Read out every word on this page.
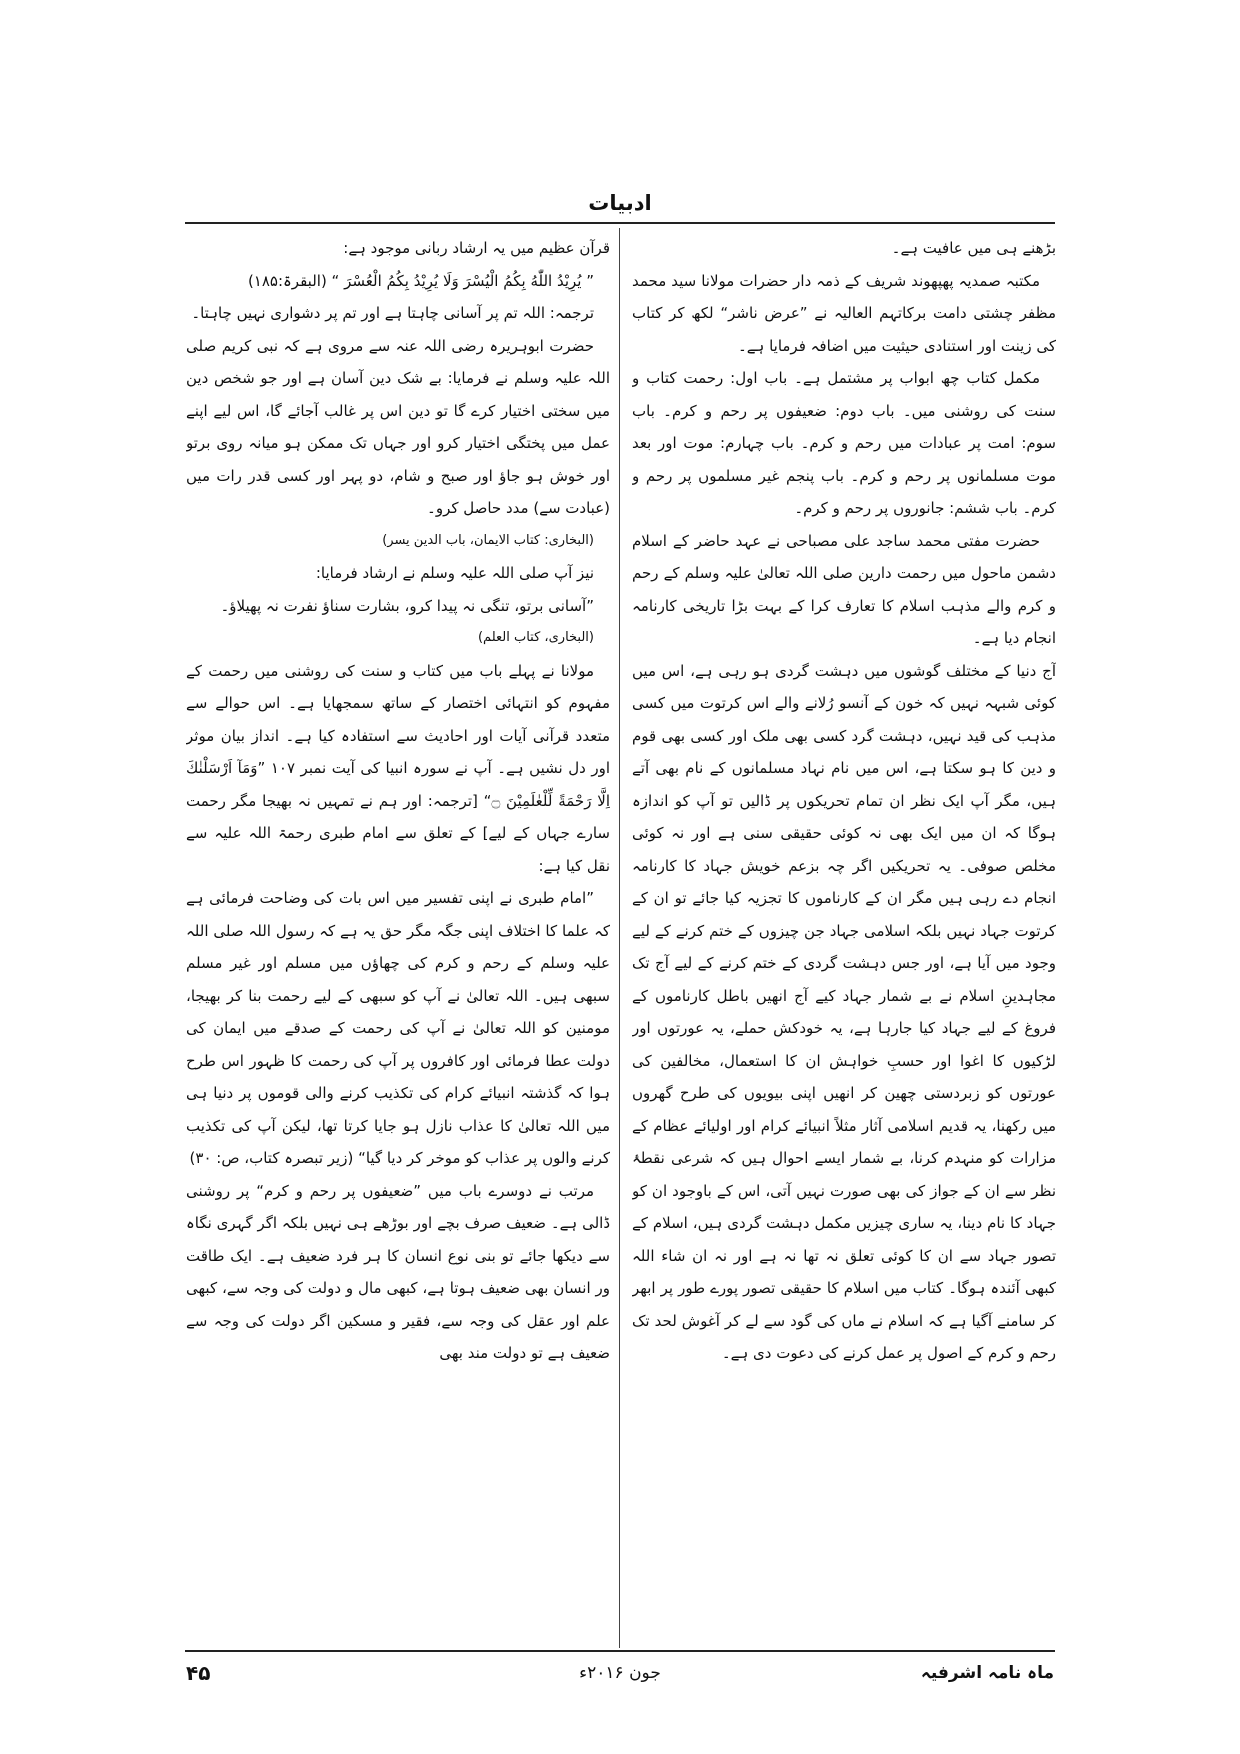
ادبیات

بڑھنے ہی میں عافیت ہے۔

مکتبہ صمدیہ پھپھوند شریف کے ذمہ دار حضرات مولانا سید محمد مظفر چشتی دامت برکاتہم العالیہ نے ”عرض ناشر“ لکھ کر کتاب کی زینت اور استنادی حیثیت میں اضافہ فرمایا ہے۔

مکمل کتاب چھ ابواب پر مشتمل ہے۔ باب اول: رحمت کتاب و سنت کی روشنی میں۔ باب دوم: ضعیفوں پر رحم و کرم۔ باب سوم: امت پر عبادات میں رحم و کرم۔ باب چہارم: موت اور بعد موت مسلمانوں پر رحم و کرم۔ باب پنجم غیر مسلموں پر رحم و کرم۔ باب ششم: جانوروں پر رحم و کرم۔

حضرت مفتی محمد ساجد علی مصباحی نے عہد حاضر کے اسلام دشمن ماحول میں رحمت دارین صلی اللہ تعالیٰ علیہ وسلم کے رحم و کرم والے مذہب اسلام کا تعارف کرا کے بہت بڑا تاریخی کارنامہ انجام دیا ہے۔

آج دنیا کے مختلف گوشوں میں دہشت گردی ہو رہی ہے، اس میں کوئی شبہہ نہیں کہ خون کے آنسو رُلانے والے اس کرتوت میں کسی مذہب کی قید نہیں، دہشت گرد کسی بھی ملک اور کسی بھی قوم و دین کا ہو سکتا ہے، اس میں نام نہاد مسلمانوں کے نام بھی آتے ہیں، مگر آپ ایک نظر ان تمام تحریکوں پر ڈالیں تو آپ کو اندازہ ہوگا کہ ان میں ایک بھی نہ کوئی حقیقی سنی ہے اور نہ کوئی مخلص صوفی۔ یہ تحریکیں اگر چہ بزعم خویش جہاد کا کارنامہ انجام دے رہی ہیں مگر ان کے کارناموں کا تجزیہ کیا جائے تو ان کے کرتوت جہاد نہیں بلکہ اسلامی جہاد جن چیزوں کے ختم کرنے کے لیے وجود میں آیا ہے، اور جس دہشت گردی کے ختم کرنے کے لیے آج تک مجاہدینِ اسلام نے بے شمار جہاد کیے آج انھیں باطل کارناموں کے فروغ کے لیے جہاد کیا جارہا ہے، یہ خودکش حملے، یہ عورتوں اور لڑکیوں کا اغوا اور حسبِ خواہش ان کا استعمال، مخالفین کی عورتوں کو زبردستی چھین کر انھیں اپنی بیویوں کی طرح گھروں میں رکھنا، یہ قدیم اسلامی آثار مثلاً انبیائے کرام اور اولیائے عظام کے مزارات کو منہدم کرنا، بے شمار ایسے احوال ہیں کہ شرعی نقطۂ نظر سے ان کے جواز کی بھی صورت نہیں آتی، اس کے باوجود ان کو جہاد کا نام دینا، یہ ساری چیزیں مکمل دہشت گردی ہیں، اسلام کے تصور جہاد سے ان کا کوئی تعلق نہ تھا نہ ہے اور نہ ان شاء اللہ کبھی آئندہ ہوگا۔ کتاب میں اسلام کا حقیقی تصور پورے طور پر ابھر کر سامنے آگیا ہے کہ اسلام نے ماں کی گود سے لے کر آغوش لحد تک رحم و کرم کے اصول پر عمل کرنے کی دعوت دی ہے۔

قرآن عظیم میں یہ ارشاد ربانی موجود ہے:

” یُرِیْدُ اللّٰهُ بِکُمُ الْیُسْرَ وَلَا یُرِیْدُ بِکُمُ الْعُسْرَ “ (البقرۃ:۱۸۵)

ترجمہ: اللہ تم پر آسانی چاہتا ہے اور تم پر دشواری نہیں چاہتا۔

حضرت ابوہریرہ رضی اللہ عنہ سے مروی ہے کہ نبی کریم صلی اللہ علیہ وسلم نے فرمایا: بے شک دین آسان ہے اور جو شخص دین میں سختی اختیار کرے گا تو دین اس پر غالب آجائے گا، اس لیے اپنے عمل میں پختگی اختیار کرو اور جہاں تک ممکن ہو میانہ روی برتو اور خوش ہو جاؤ اور صبح و شام، دو پہر اور کسی قدر رات میں (عبادت سے) مدد حاصل کرو۔

(البخاری: کتاب الایمان، باب الدین یسر)

نیز آپ صلی اللہ علیہ وسلم نے ارشاد فرمایا:

”آسانی برتو، تنگی نہ پیدا کرو، بشارت سناؤ نفرت نہ پھیلاؤ۔

(البخاری، کتاب العلم)

مولانا نے پہلے باب میں کتاب و سنت کی روشنی میں رحمت کے مفہوم کو انتہائی اختصار کے ساتھ سمجھایا ہے۔ اس حوالے سے متعدد قرآنی آیات اور احادیث سے استفادہ کیا ہے۔ انداز بیان موثر اور دل نشیں ہے۔ آپ نے سورہ انبیا کی آیت نمبر ۱۰۷ ”وَمَآ اَرْسَلْنٰكَ اِلَّا رَحْمَةً لِّلْعٰلَمِيْنَ ۝“ [ترجمہ: اور ہم نے تمہیں نہ بھیجا مگر رحمت سارے جہاں کے لیے] کے تعلق سے امام طبری رحمۃ اللہ علیہ سے نقل کیا ہے:

”امام طبری نے اپنی تفسیر میں اس بات کی وضاحت فرمائی ہے کہ علما کا اختلاف اپنی جگہ مگر حق یہ ہے کہ رسول اللہ صلی اللہ علیہ وسلم کے رحم و کرم کی چھاؤں میں مسلم اور غیر مسلم سبھی ہیں۔ اللہ تعالیٰ نے آپ کو سبھی کے لیے رحمت بنا کر بھیجا، مومنین کو اللہ تعالیٰ نے آپ کی رحمت کے صدقے میں ایمان کی دولت عطا فرمائی اور کافروں پر آپ کی رحمت کا ظہور اس طرح ہوا کہ گذشتہ انبیائے کرام کی تکذیب کرنے والی قوموں پر دنیا ہی میں اللہ تعالیٰ کا عذاب نازل ہو جایا کرتا تھا، لیکن آپ کی تکذیب کرنے والوں پر عذاب کو موخر کر دیا گیا“ (زیر تبصرہ کتاب، ص: ۳۰)

مرتب نے دوسرے باب میں ”ضعیفوں پر رحم و کرم“ پر روشنی ڈالی ہے۔ ضعیف صرف بچے اور بوڑھے ہی نہیں بلکہ اگر گہری نگاہ سے دیکھا جائے تو بنی نوع انسان کا ہر فرد ضعیف ہے۔ ایک طاقت ور انسان بھی ضعیف ہوتا ہے، کبھی مال و دولت کی وجہ سے، کبھی علم اور عقل کی وجہ سے، فقیر و مسکین اگر دولت کی وجہ سے ضعیف ہے تو دولت مند بھی

ماہ نامہ اشرفیہ
جون ۲۰۱۶ء
۴۵
